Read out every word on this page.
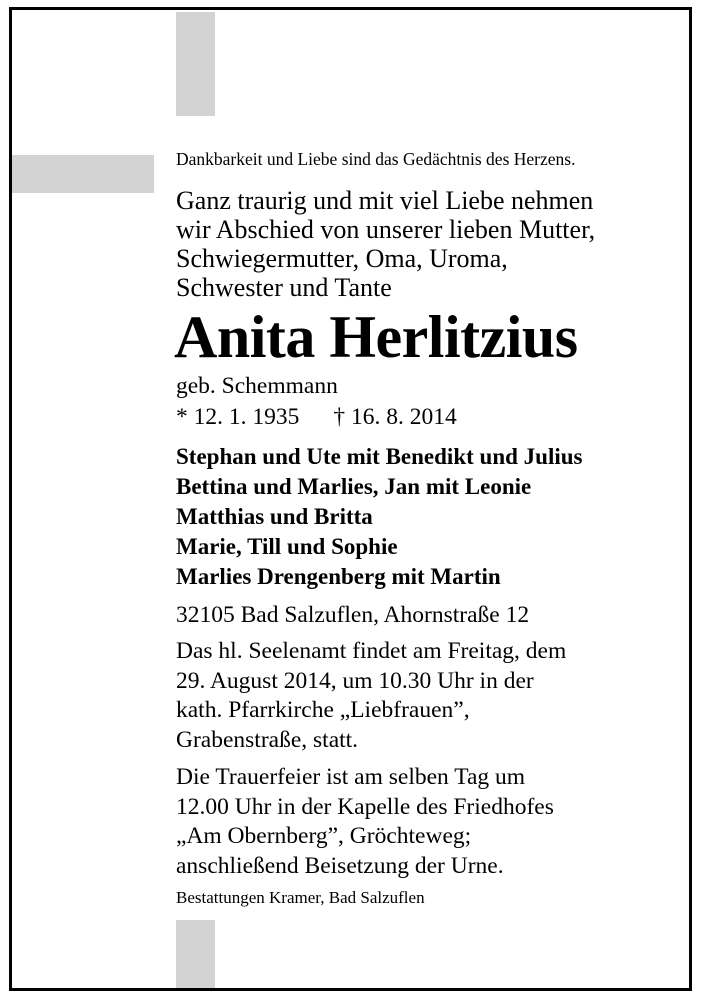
Dankbarkeit und Liebe sind das Gedächtnis des Herzens.

Ganz traurig und mit viel Liebe nehmen
wir Abschied von unserer lieben Mutter,
Schwiegermutter, Oma, Uroma,
Schwester und Tante

Anita Herlitzius
geb. Schemmann
* 12. 1. 1935 † 16. 8. 2014
Stephan und Ute mit Benedikt und Julius
Bettina und Marlies, Jan mit Leonie
Matthias und Britta
Marie, Till und Sophie
Marlies Drengenberg mit Martin
32105 Bad Salzuflen, Ahornstraße 12

Das hl. Seelenamt findet am Freitag, dem
29. August 2014, um 10.30 Uhr in der
kath. Pfarrkirche „Liebfrauen”,
Grabenstraße, statt.

Die Trauerfeier ist am selben Tag um
12.00 Uhr in der Kapelle des Friedhofes
„Am Obernberg”, Gröchteweg;
anschließend Beisetzung der Urne.

Bestattungen Kramer, Bad Salzuflen
